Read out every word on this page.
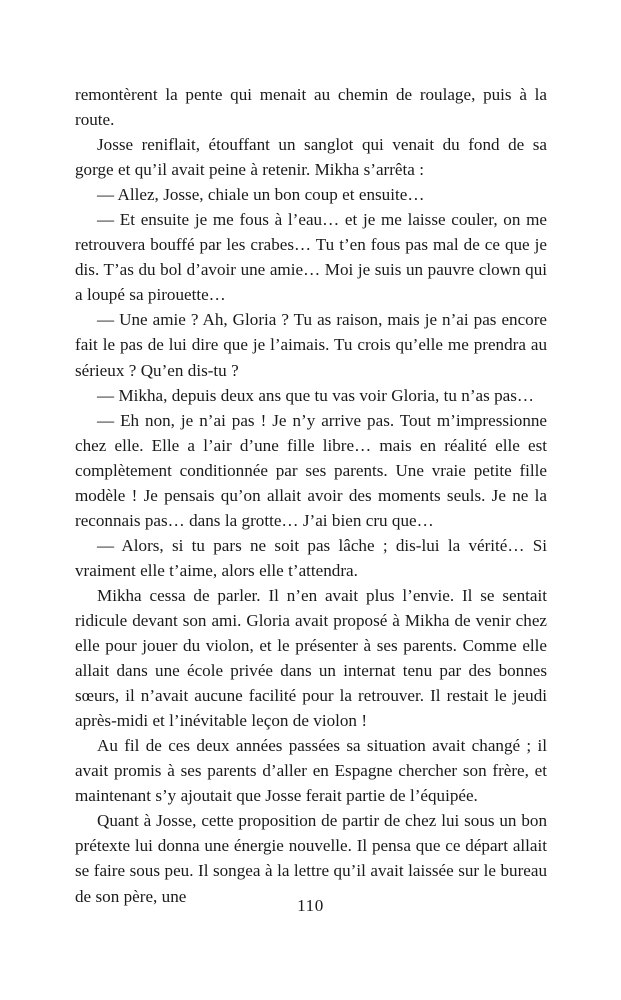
remontèrent la pente qui menait au chemin de roulage, puis à la route.

Josse reniflait, étouffant un sanglot qui venait du fond de sa gorge et qu’il avait peine à retenir. Mikha s’arrêta :

— Allez, Josse, chiale un bon coup et ensuite…

— Et ensuite je me fous à l’eau… et je me laisse couler, on me retrouvera bouffé par les crabes… Tu t’en fous pas mal de ce que je dis. T’as du bol d’avoir une amie… Moi je suis un pauvre clown qui a loupé sa pirouette…

— Une amie ? Ah, Gloria ? Tu as raison, mais je n’ai pas encore fait le pas de lui dire que je l’aimais. Tu crois qu’elle me prendra au sérieux ? Qu’en dis-tu ?

— Mikha, depuis deux ans que tu vas voir Gloria, tu n’as pas…

— Eh non, je n’ai pas ! Je n’y arrive pas. Tout m’impressionne chez elle. Elle a l’air d’une fille libre… mais en réalité elle est complètement conditionnée par ses parents. Une vraie petite fille modèle ! Je pensais qu’on allait avoir des moments seuls. Je ne la reconnais pas… dans la grotte… J’ai bien cru que…

— Alors, si tu pars ne soit pas lâche ; dis-lui la vérité… Si vraiment elle t’aime, alors elle t’attendra.

Mikha cessa de parler. Il n’en avait plus l’envie. Il se sentait ridicule devant son ami. Gloria avait proposé à Mikha de venir chez elle pour jouer du violon, et le présenter à ses parents. Comme elle allait dans une école privée dans un internat tenu par des bonnes sœurs, il n’avait aucune facilité pour la retrouver. Il restait le jeudi après-midi et l’inévitable leçon de violon !

Au fil de ces deux années passées sa situation avait changé ; il avait promis à ses parents d’aller en Espagne chercher son frère, et maintenant s’y ajoutait que Josse ferait partie de l’équipée.

Quant à Josse, cette proposition de partir de chez lui sous un bon prétexte lui donna une énergie nouvelle. Il pensa que ce départ allait se faire sous peu. Il songea à la lettre qu’il avait laissée sur le bureau de son père, une	110
